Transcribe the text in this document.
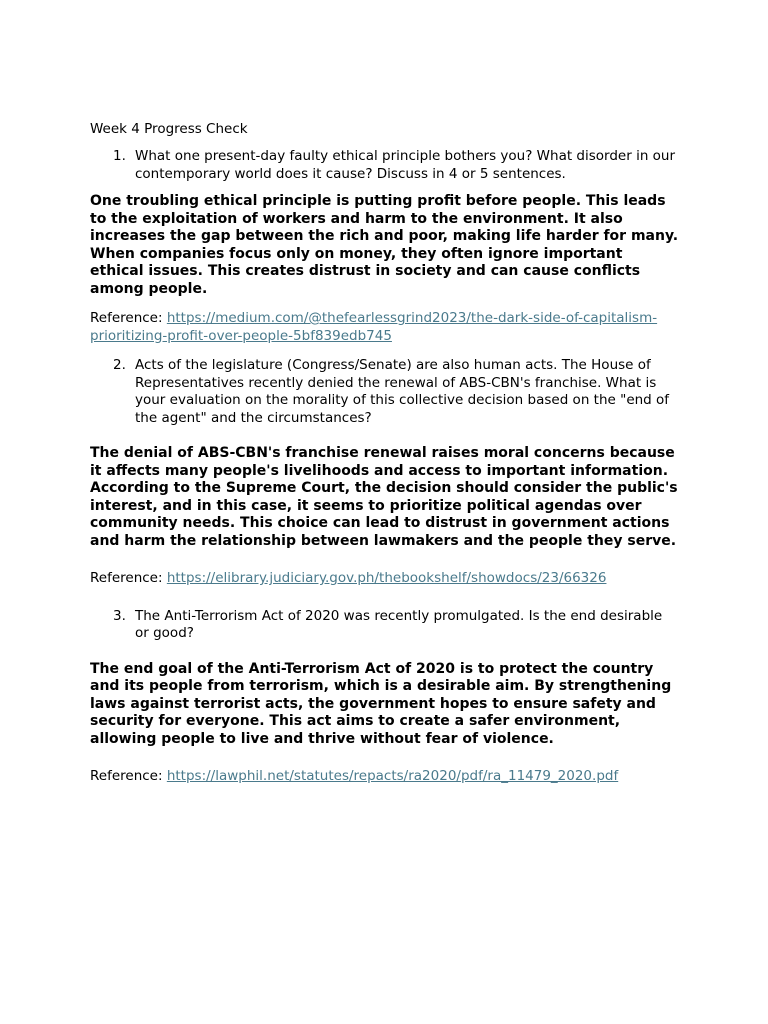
Week 4 Progress Check
1. What one present-day faulty ethical principle bothers you? What disorder in our contemporary world does it cause? Discuss in 4 or 5 sentences.
One troubling ethical principle is putting profit before people. This leads to the exploitation of workers and harm to the environment. It also increases the gap between the rich and poor, making life harder for many. When companies focus only on money, they often ignore important ethical issues. This creates distrust in society and can cause conflicts among people.
Reference: https://medium.com/@thefearlessgrind2023/the-dark-side-of-capitalism-prioritizing-profit-over-people-5bf839edb745
2. Acts of the legislature (Congress/Senate) are also human acts. The House of Representatives recently denied the renewal of ABS-CBN's franchise. What is your evaluation on the morality of this collective decision based on the "end of the agent" and the circumstances?
The denial of ABS-CBN's franchise renewal raises moral concerns because it affects many people's livelihoods and access to important information. According to the Supreme Court, the decision should consider the public's interest, and in this case, it seems to prioritize political agendas over community needs. This choice can lead to distrust in government actions and harm the relationship between lawmakers and the people they serve.
Reference: https://elibrary.judiciary.gov.ph/thebookshelf/showdocs/23/66326
3. The Anti-Terrorism Act of 2020 was recently promulgated. Is the end desirable or good?
The end goal of the Anti-Terrorism Act of 2020 is to protect the country and its people from terrorism, which is a desirable aim. By strengthening laws against terrorist acts, the government hopes to ensure safety and security for everyone. This act aims to create a safer environment, allowing people to live and thrive without fear of violence.
Reference: https://lawphil.net/statutes/repacts/ra2020/pdf/ra_11479_2020.pdf
